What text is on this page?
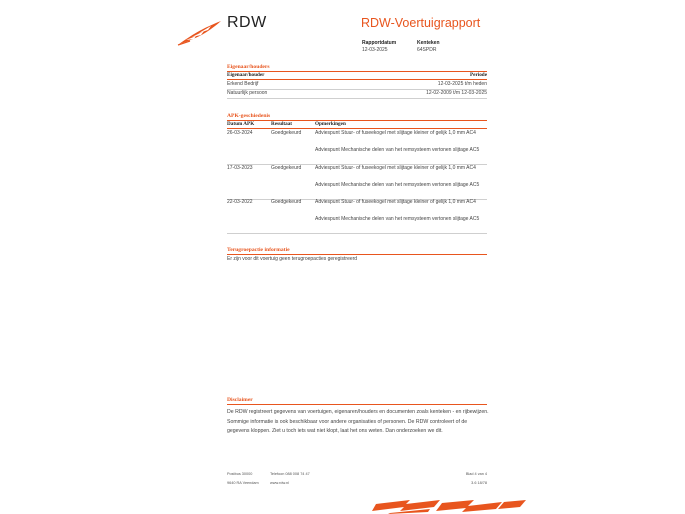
RDW	RDW-Voertuigrapport
Rapportdatum
12-03-2025
Kenteken
64SPDR
Eigenaar/houders
Eigenaar/houder	Periode
Erkend Bedrijf	12-03-2025 t/m heden
Natuurlijk persoon	12-02-2009 t/m 12-03-2025
APK-geschiedenis
Datum APK	Resultaat	Opmerkingen
26-03-2024	Goedgekeurd	Adviespunt Stuur- of fuseekogel met slijtage kleiner of gelijk 1,0 mm AC4
Adviespunt Mechanische delen van het remsysteem vertonen slijtage AC5
17-03-2023	Goedgekeurd	Adviespunt Stuur- of fuseekogel met slijtage kleiner of gelijk 1,0 mm AC4
Adviespunt Mechanische delen van het remsysteem vertonen slijtage AC5
22-03-2022	Goedgekeurd	Adviespunt Stuur- of fuseekogel met slijtage kleiner of gelijk 1,0 mm AC4
Adviespunt Mechanische delen van het remsysteem vertonen slijtage AC5
Terugroepactie informatie
Er zijn voor dit voertuig geen terugroepacties geregistreerd
Disclaimer
De RDW registreert gegevens van voertuigen, eigenaren/houders en documenten zoals kenteken - en rijbewijzen. Sommige informatie is ook beschikbaar voor andere organisaties of personen. De RDW controleert of de gegevens kloppen. Ziet u toch iets wat niet klopt, laat het ons weten. Dan onderzoeken we dit.
Postbus 30000
9640 RA Veendam
Telefoon 088 008 74 47
www.rdw.nl
Blad 4 van 4
3.6 18/78
